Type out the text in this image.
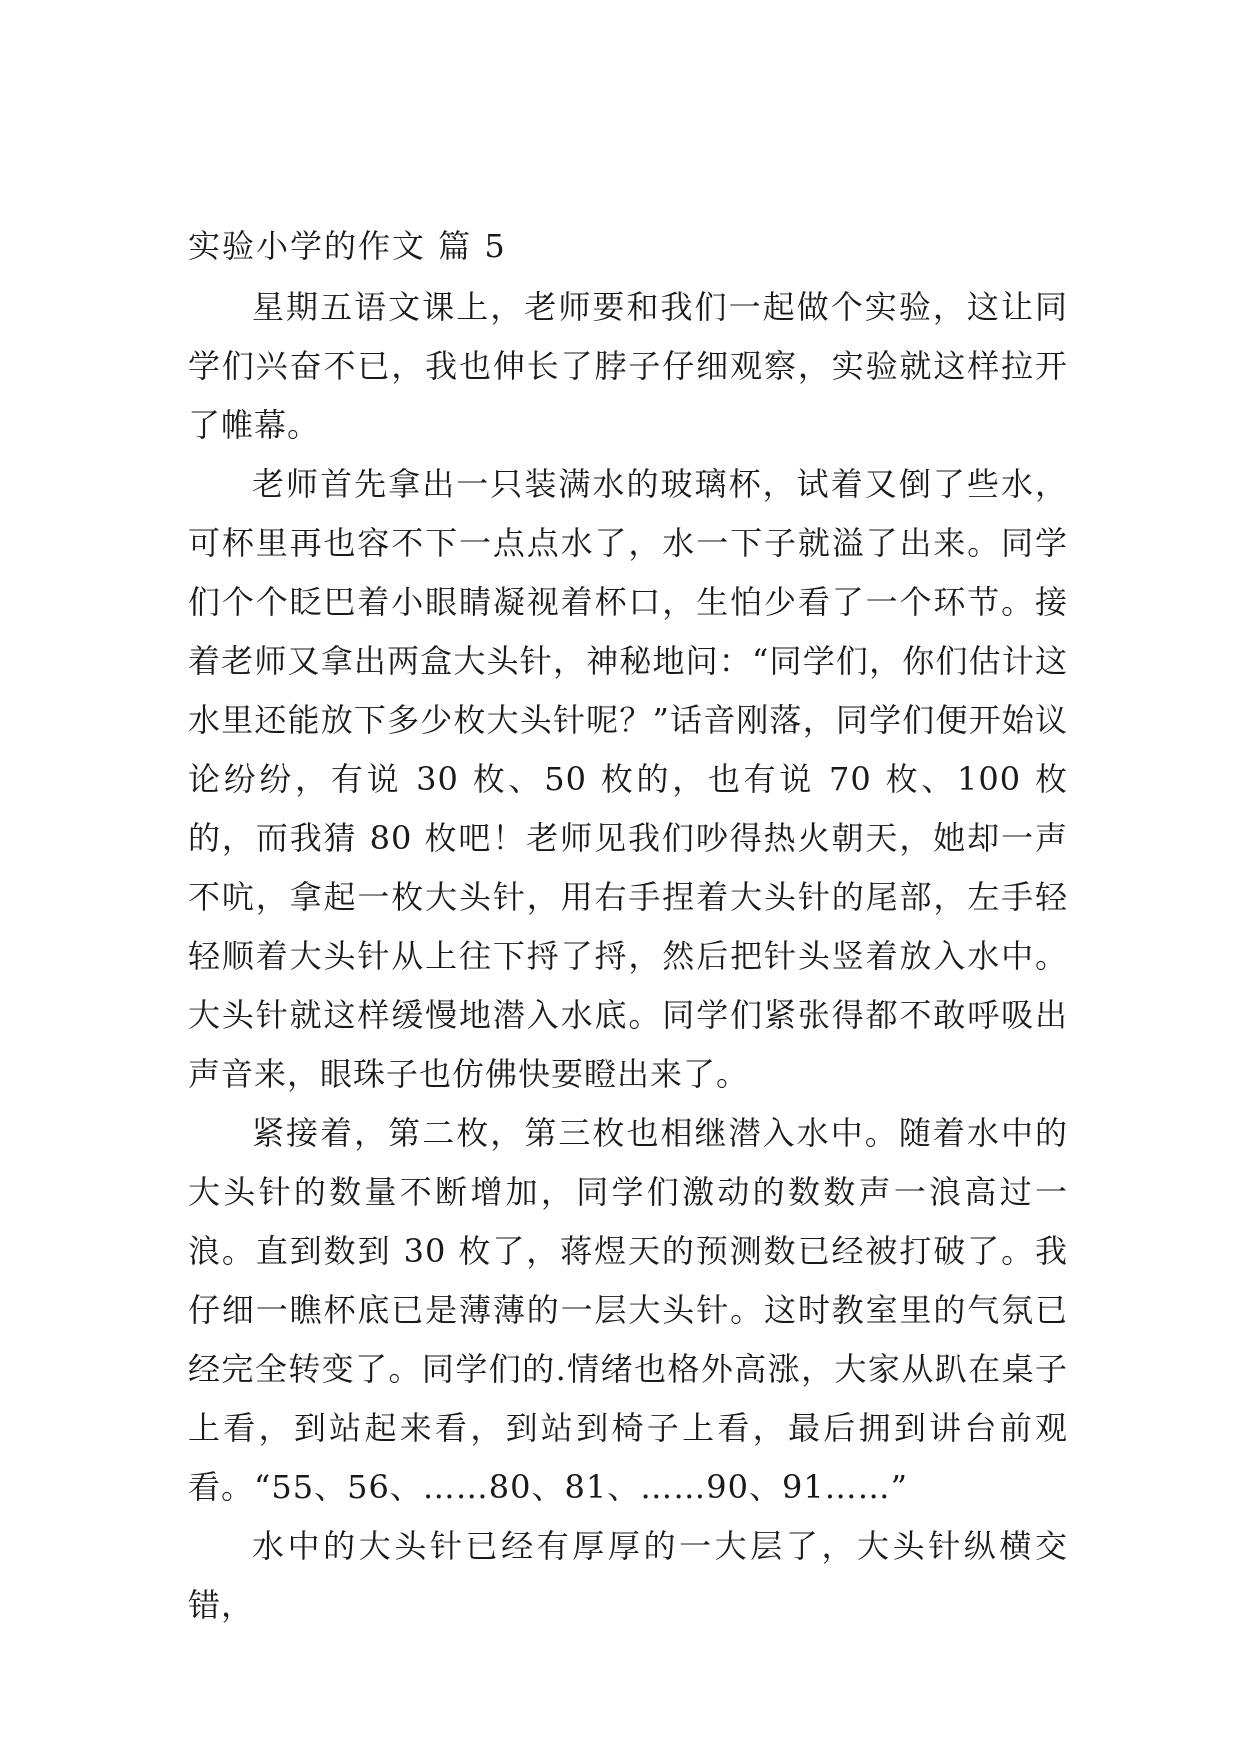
实验小学的作文 篇 5

星期五语文课上，老师要和我们一起做个实验，这让同学们兴奋不已，我也伸长了脖子仔细观察，实验就这样拉开了帷幕。

老师首先拿出一只装满水的玻璃杯，试着又倒了些水，可杯里再也容不下一点点水了，水一下子就溢了出来。同学们个个眨巴着小眼睛凝视着杯口，生怕少看了一个环节。接着老师又拿出两盒大头针，神秘地问：“同学们，你们估计这水里还能放下多少枚大头针呢？”话音刚落，同学们便开始议论纷纷，有说 30 枚、50 枚的，也有说 70 枚、100 枚的，而我猜 80 枚吧！老师见我们吵得热火朝天，她却一声不吭，拿起一枚大头针，用右手捏着大头针的尾部，左手轻轻顺着大头针从上往下捋了捋，然后把针头竖着放入水中。大头针就这样缓慢地潜入水底。同学们紧张得都不敢呼吸出声音来，眼珠子也仿佛快要瞪出来了。

紧接着，第二枚，第三枚也相继潜入水中。随着水中的大头针的数量不断增加，同学们激动的数数声一浪高过一浪。直到数到 30 枚了，蒋煜天的预测数已经被打破了。我仔细一瞧杯底已是薄薄的一层大头针。这时教室里的气氛已经完全转变了。同学们的.情绪也格外高涨，大家从趴在桌子上看，到站起来看，到站到椅子上看，最后拥到讲台前观看。“55、56、……80、81、……90、91……”

水中的大头针已经有厚厚的一大层了，大头针纵横交错，
